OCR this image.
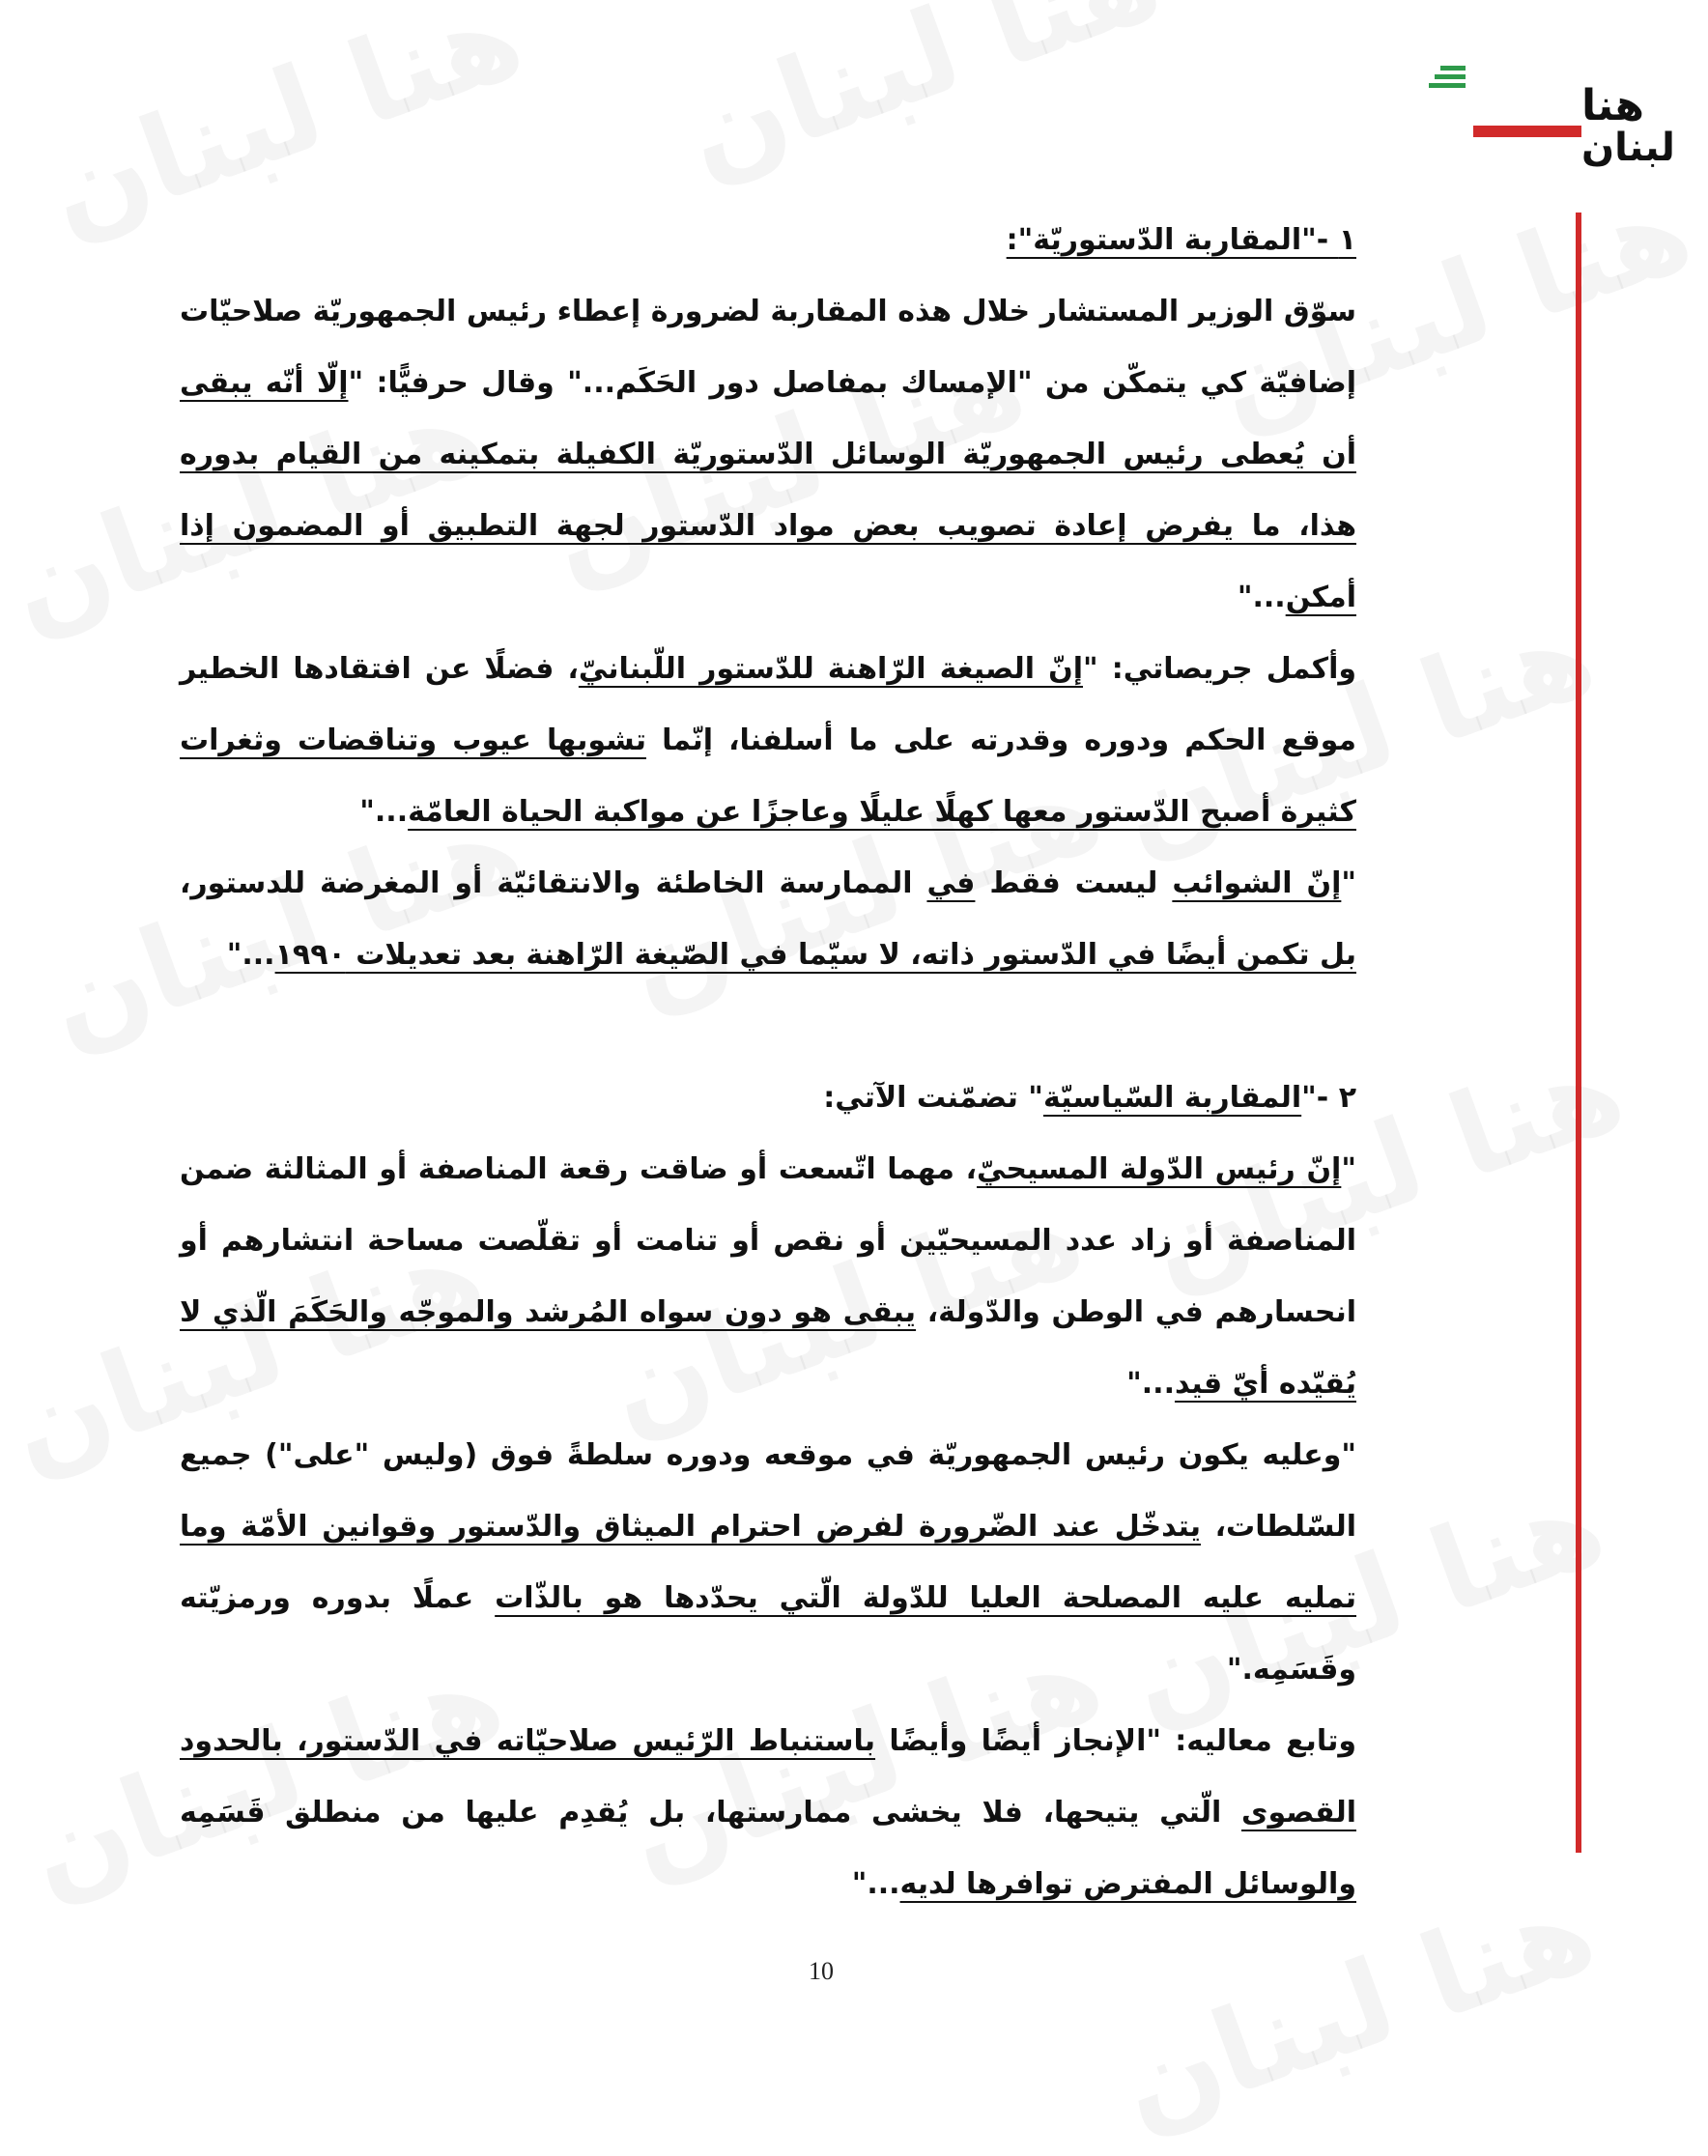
هنا
لبنان

١ -"المقاربة الدّستوريّة":

سوّق الوزير المستشار خلال هذه المقاربة لضرورة إعطاء رئيس الجمهوريّة صلاحيّات إضافيّة كي يتمكّن من "الإمساك بمفاصل دور الحَكَم..." وقال حرفيًّا: "إلّا أنّه يبقى أن يُعطى رئيس الجمهوريّة الوسائل الدّستوريّة الكفيلة بتمكينه من القيام بدوره هذا، ما يفرض إعادة تصويب بعض مواد الدّستور لجهة التطبيق أو المضمون إذا أمكن..."

وأكمل جريصاتي: "إنّ الصيغة الرّاهنة للدّستور اللّبنانيّ، فضلًا عن افتقادها الخطير موقع الحكم ودوره وقدرته على ما أسلفنا، إنّما تشوبها عيوب وتناقضات وثغرات كثيرة أصبح الدّستور معها كهلًا عليلًا وعاجزًا عن مواكبة الحياة العامّة..."

"إنّ الشوائب ليست فقط في الممارسة الخاطئة والانتقائيّة أو المغرضة للدستور، بل تكمن أيضًا في الدّستور ذاته، لا سيّما في الصّيغة الرّاهنة بعد تعديلات ١٩٩٠..."

٢ -"المقاربة السّياسيّة" تضمّنت الآتي:

"إنّ رئيس الدّولة المسيحيّ، مهما اتّسعت أو ضاقت رقعة المناصفة أو المثالثة ضمن المناصفة أو زاد عدد المسيحيّين أو نقص أو تنامت أو تقلّصت مساحة انتشارهم أو انحسارهم في الوطن والدّولة، يبقى هو دون سواه المُرشد والموجّه والحَكَمَ الّذي لا يُقيّده أيّ قيد..."

"وعليه يكون رئيس الجمهوريّة في موقعه ودوره سلطةً فوق (وليس "على") جميع السّلطات، يتدخّل عند الضّرورة لفرض احترام الميثاق والدّستور وقوانين الأمّة وما تمليه عليه المصلحة العليا للدّولة الّتي يحدّدها هو بالذّات عملًا بدوره ورمزيّته وقَسَمِه."

وتابع معاليه: "الإنجاز أيضًا وأيضًا باستنباط الرّئيس صلاحيّاته في الدّستور، بالحدود القصوى الّتي يتيحها، فلا يخشى ممارستها، بل يُقدِم عليها من منطلق قَسَمِه والوسائل المفترض توافرها لديه..."

10
